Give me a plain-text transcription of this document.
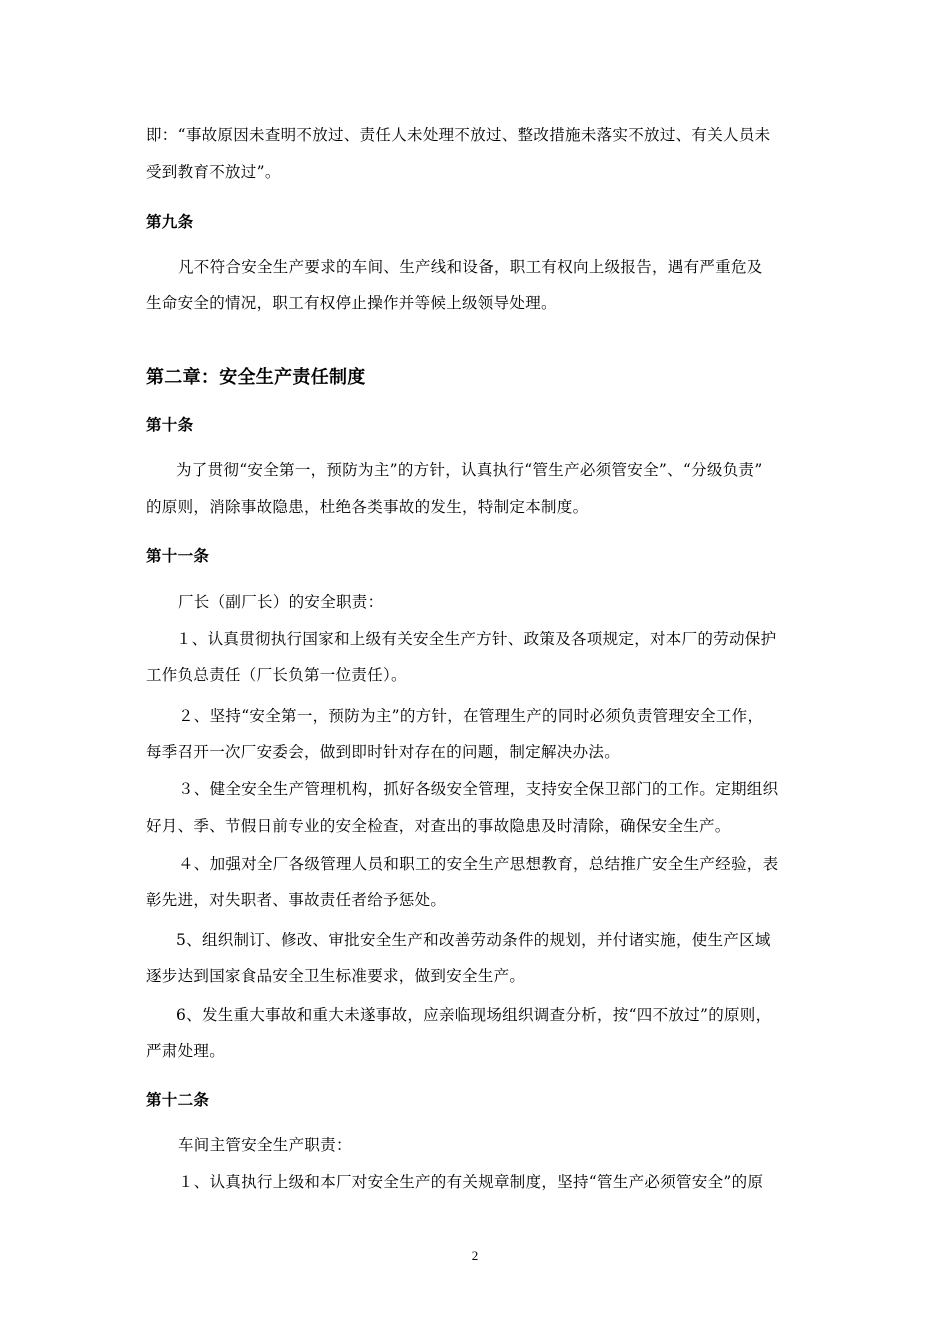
即：“事故原因未查明不放过、责任人未处理不放过、整改措施未落实不放过、有关人员未
受到教育不放过”。
第九条
凡不符合安全生产要求的车间、生产线和设备，职工有权向上级报告，遇有严重危及
生命安全的情况，职工有权停止操作并等候上级领导处理。
第二章：安全生产责任制度
第十条
为了贯彻“安全第一，预防为主”的方针，认真执行“管生产必须管安全”、“分级负责”
的原则，消除事故隐患，杜绝各类事故的发生，特制定本制度。
第十一条
厂长（副厂长）的安全职责：
１、认真贯彻执行国家和上级有关安全生产方针、政策及各项规定，对本厂的劳动保护
工作负总责任（厂长负第一位责任）。
２、坚持“安全第一，预防为主”的方针，在管理生产的同时必须负责管理安全工作，
每季召开一次厂安委会，做到即时针对存在的问题，制定解决办法。
３、健全安全生产管理机构，抓好各级安全管理，支持安全保卫部门的工作。定期组织
好月、季、节假日前专业的安全检查，对查出的事故隐患及时清除，确保安全生产。
４、加强对全厂各级管理人员和职工的安全生产思想教育，总结推广安全生产经验，表
彰先进，对失职者、事故责任者给予惩处。
5、组织制订、修改、审批安全生产和改善劳动条件的规划，并付诸实施，使生产区域
逐步达到国家食品安全卫生标准要求，做到安全生产。
6、发生重大事故和重大未遂事故，应亲临现场组织调查分析，按“四不放过”的原则，
严肃处理。
第十二条
车间主管安全生产职责：
１、认真执行上级和本厂对安全生产的有关规章制度，坚持“管生产必须管安全”的原
2
